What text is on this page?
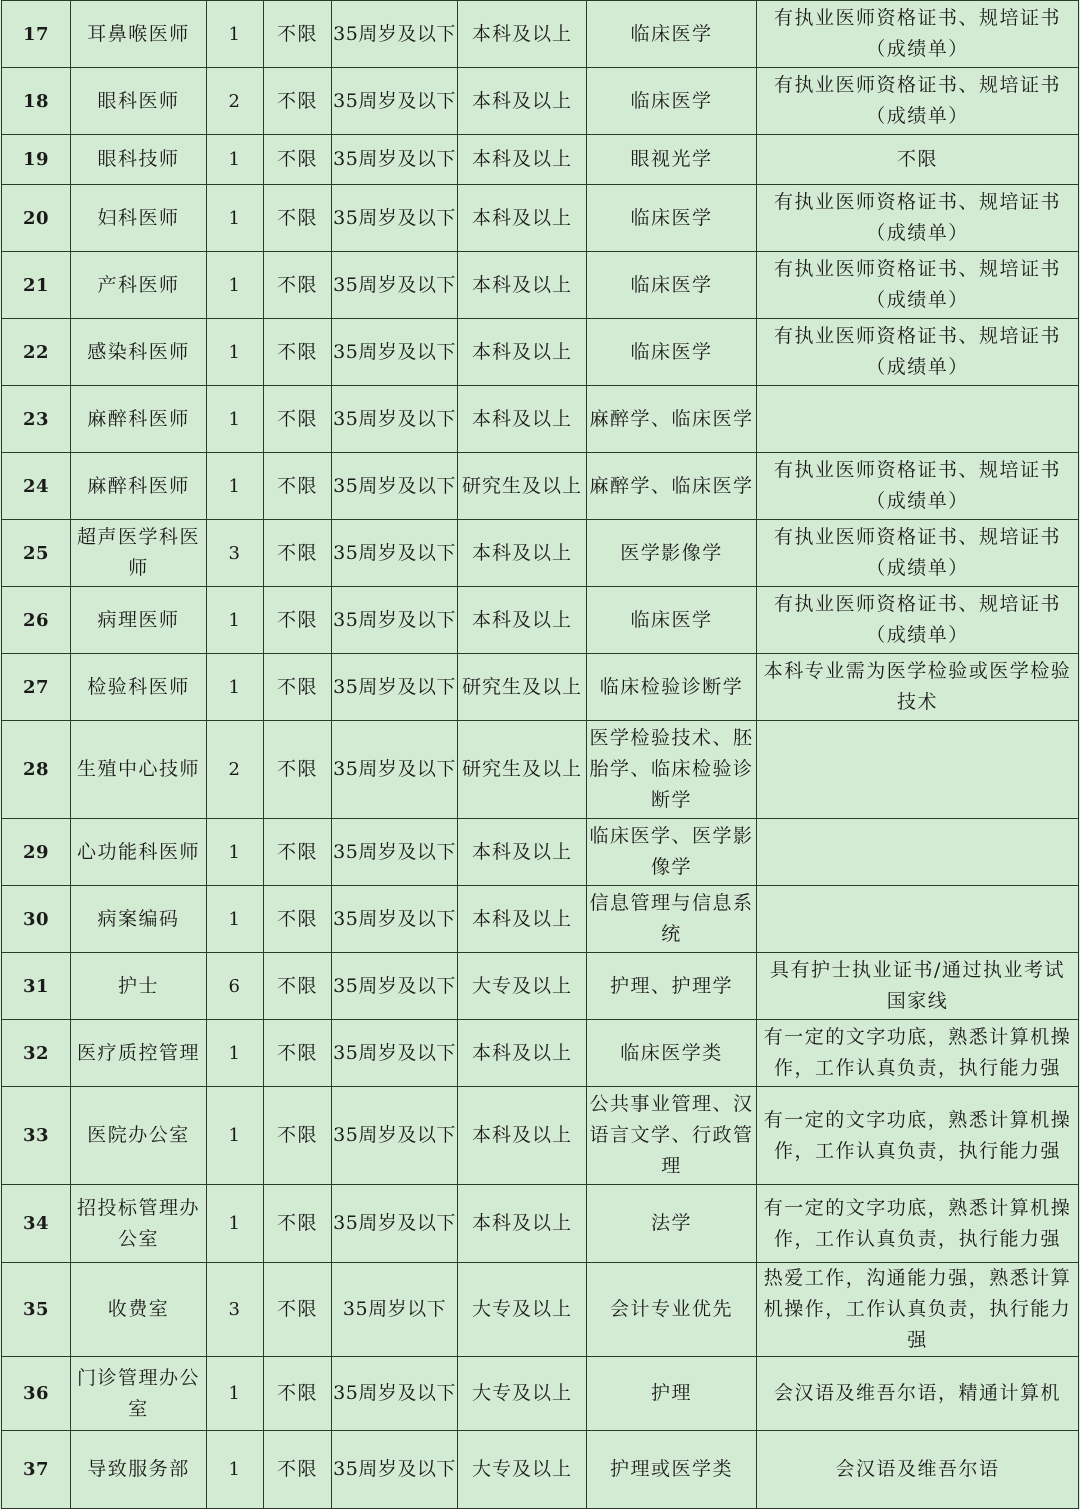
17	耳鼻喉医师	1	不限	35周岁及以下	本科及以上	临床医学	有执业医师资格证书、规培证书（成绩单）
18	眼科医师	2	不限	35周岁及以下	本科及以上	临床医学	有执业医师资格证书、规培证书（成绩单）
19	眼科技师	1	不限	35周岁及以下	本科及以上	眼视光学	不限
20	妇科医师	1	不限	35周岁及以下	本科及以上	临床医学	有执业医师资格证书、规培证书（成绩单）
21	产科医师	1	不限	35周岁及以下	本科及以上	临床医学	有执业医师资格证书、规培证书（成绩单）
22	感染科医师	1	不限	35周岁及以下	本科及以上	临床医学	有执业医师资格证书、规培证书（成绩单）
23	麻醉科医师	1	不限	35周岁及以下	本科及以上	麻醉学、临床医学	
24	麻醉科医师	1	不限	35周岁及以下	研究生及以上	麻醉学、临床医学	有执业医师资格证书、规培证书（成绩单）
25	超声医学科医师	3	不限	35周岁及以下	本科及以上	医学影像学	有执业医师资格证书、规培证书（成绩单）
26	病理医师	1	不限	35周岁及以下	本科及以上	临床医学	有执业医师资格证书、规培证书（成绩单）
27	检验科医师	1	不限	35周岁及以下	研究生及以上	临床检验诊断学	本科专业需为医学检验或医学检验技术
28	生殖中心技师	2	不限	35周岁及以下	研究生及以上	医学检验技术、胚胎学、临床检验诊断学	
29	心功能科医师	1	不限	35周岁及以下	本科及以上	临床医学、医学影像学	
30	病案编码	1	不限	35周岁及以下	本科及以上	信息管理与信息系统	
31	护士	6	不限	35周岁及以下	大专及以上	护理、护理学	具有护士执业证书/通过执业考试国家线
32	医疗质控管理	1	不限	35周岁及以下	本科及以上	临床医学类	有一定的文字功底，熟悉计算机操作，工作认真负责，执行能力强
33	医院办公室	1	不限	35周岁及以下	本科及以上	公共事业管理、汉语言文学、行政管理	有一定的文字功底，熟悉计算机操作，工作认真负责，执行能力强
34	招投标管理办公室	1	不限	35周岁及以下	本科及以上	法学	有一定的文字功底，熟悉计算机操作，工作认真负责，执行能力强
35	收费室	3	不限	35周岁以下	大专及以上	会计专业优先	热爱工作，沟通能力强，熟悉计算机操作，工作认真负责，执行能力强
36	门诊管理办公室	1	不限	35周岁及以下	大专及以上	护理	会汉语及维吾尔语，精通计算机
37	导致服务部	1	不限	35周岁及以下	大专及以上	护理或医学类	会汉语及维吾尔语
